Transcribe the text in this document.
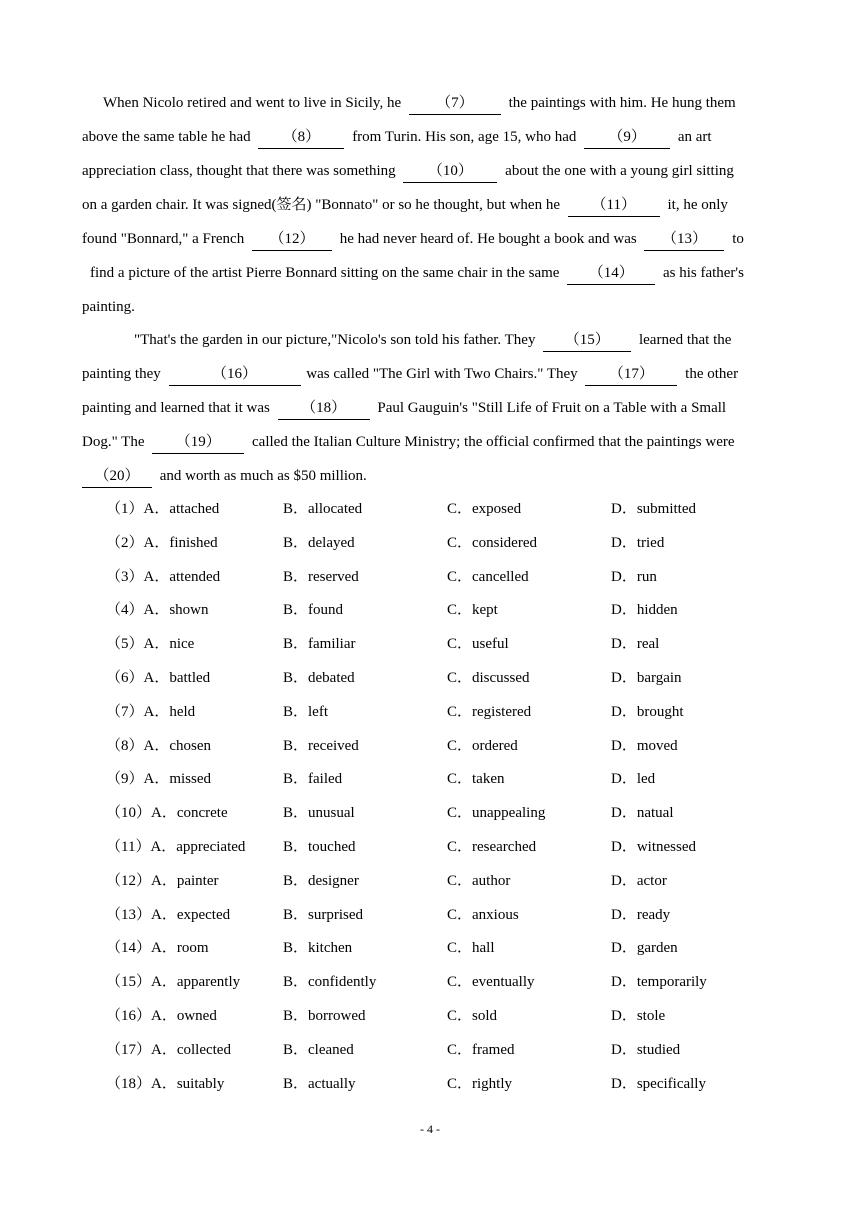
When Nicolo retired and went to live in Sicily, he （7） the paintings with him. He hung them
above the same table he had （8） from Turin. His son, age 15, who had （9） an art
appreciation class, thought that there was something （10） about the one with a young girl sitting
on a garden chair. It was signed(签名) "Bonnato" or so he thought, but when he （11） it, he only
found "Bonnard," a French （12） he had never heard of. He bought a book and was （13） to
find a picture of the artist Pierre Bonnard sitting on the same chair in the same （14） as his father's
painting.
"That's the garden in our picture,"Nicolo's son told his father. They （15） learned that the
painting they	（16）	was called "The Girl with Two Chairs." They （17） the other
painting and learned that it was （18） Paul Gauguin's "Still Life of Fruit on a Table with a Small
Dog." The （19） called the Italian Culture Ministry; the official confirmed that the paintings were
（20） and worth as much as $50 million.
（1）A．attached	B．allocated	C．exposed	D．submitted
（2）A．finished	B．delayed	C．considered	D．tried
（3）A．attended	B．reserved	C．cancelled	D．run
（4）A．shown	B．found	C．kept	D．hidden
（5）A．nice	B．familiar	C．useful	D．real
（6）A．battled	B．debated	C．discussed	D．bargain
（7）A．held	B．left	C．registered	D．brought
（8）A．chosen	B．received	C．ordered	D．moved
（9）A．missed	B．failed	C．taken	D．led
（10）A．concrete	B．unusual	C．unappealing	D．natual
（11）A．appreciated	B．touched	C．researched	D．witnessed
（12）A．painter	B．designer	C．author	D．actor
（13）A．expected	B．surprised	C．anxious	D．ready
（14）A．room	B．kitchen	C．hall	D．garden
（15）A．apparently	B．confidently	C．eventually	D．temporarily
（16）A．owned	B．borrowed	C．sold	D．stole
（17）A．collected	B．cleaned	C．framed	D．studied
（18）A．suitably	B．actually	C．rightly	D．specifically
- 4 -
